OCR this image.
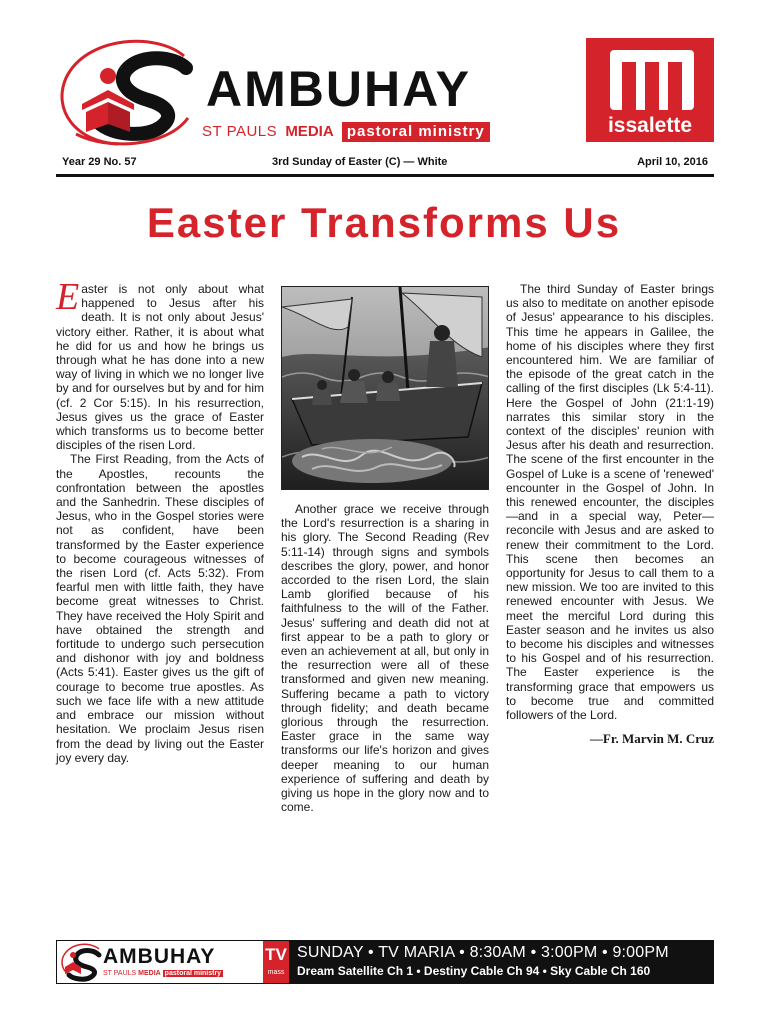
AMBUHAY
ST PAULS MEDIA pastoral ministry	issalette
Year 29 No. 57	3rd Sunday of Easter (C) — White	April 10, 2016
Easter Transforms Us

Easter is not only about what happened to Jesus after his death. It is not only about Jesus' victory either. Rather, it is about what he did for us and how he brings us through what he has done into a new way of living in which we no longer live by and for ourselves but by and for him (cf. 2 Cor 5:15). In his resurrection, Jesus gives us the grace of Easter which transforms us to become better disciples of the risen Lord.

The First Reading, from the Acts of the Apostles, recounts the confrontation between the apostles and the Sanhedrin. These disciples of Jesus, who in the Gospel stories were not as confident, have been transformed by the Easter experience to become courageous witnesses of the risen Lord (cf. Acts 5:32). From fearful men with little faith, they have become great witnesses to Christ. They have received the Holy Spirit and have obtained the strength and fortitude to undergo such persecution and dishonor with joy and boldness (Acts 5:41). Easter gives us the gift of courage to become true apostles. As such we face life with a new attitude and embrace our mission without hesitation. We proclaim Jesus risen from the dead by living out the Easter joy every day.

Another grace we receive through the Lord's resurrection is a sharing in his glory. The Second Reading (Rev 5:11-14) through signs and symbols describes the glory, power, and honor accorded to the risen Lord, the slain Lamb glorified because of his faithfulness to the will of the Father. Jesus' suffering and death did not at first appear to be a path to glory or even an achievement at all, but only in the resurrection were all of these transformed and given new meaning. Suffering became a path to victory through fidelity; and death became glorious through the resurrection. Easter grace in the same way transforms our life's horizon and gives deeper meaning to our human experience of suffering and death by giving us hope in the glory now and to come.

The third Sunday of Easter brings us also to meditate on another episode of Jesus' appearance to his disciples. This time he appears in Galilee, the home of his disciples where they first encountered him. We are familiar of the episode of the great catch in the calling of the first disciples (Lk 5:4-11). Here the Gospel of John (21:1-19) narrates this similar story in the context of the disciples' reunion with Jesus after his death and resurrection. The scene of the first encounter in the Gospel of Luke is a scene of 'renewed' encounter in the Gospel of John. In this renewed encounter, the disciples—and in a special way, Peter—reconcile with Jesus and are asked to renew their commitment to the Lord. This scene then becomes an opportunity for Jesus to call them to a new mission. We too are invited to this renewed encounter with Jesus. We meet the merciful Lord during this Easter season and he invites us also to become his disciples and witnesses to his Gospel and of his resurrection. The Easter experience is the transforming grace that empowers us to become true and committed followers of the Lord.

—Fr. Marvin M. Cruz
AMBUHAY
ST PAULS MEDIA pastoral ministry
TV
mass
SUNDAY • TV MARIA • 8:30AM • 3:00PM • 9:00PM
Dream Satellite Ch 1 • Destiny Cable Ch 94 • Sky Cable Ch 160
